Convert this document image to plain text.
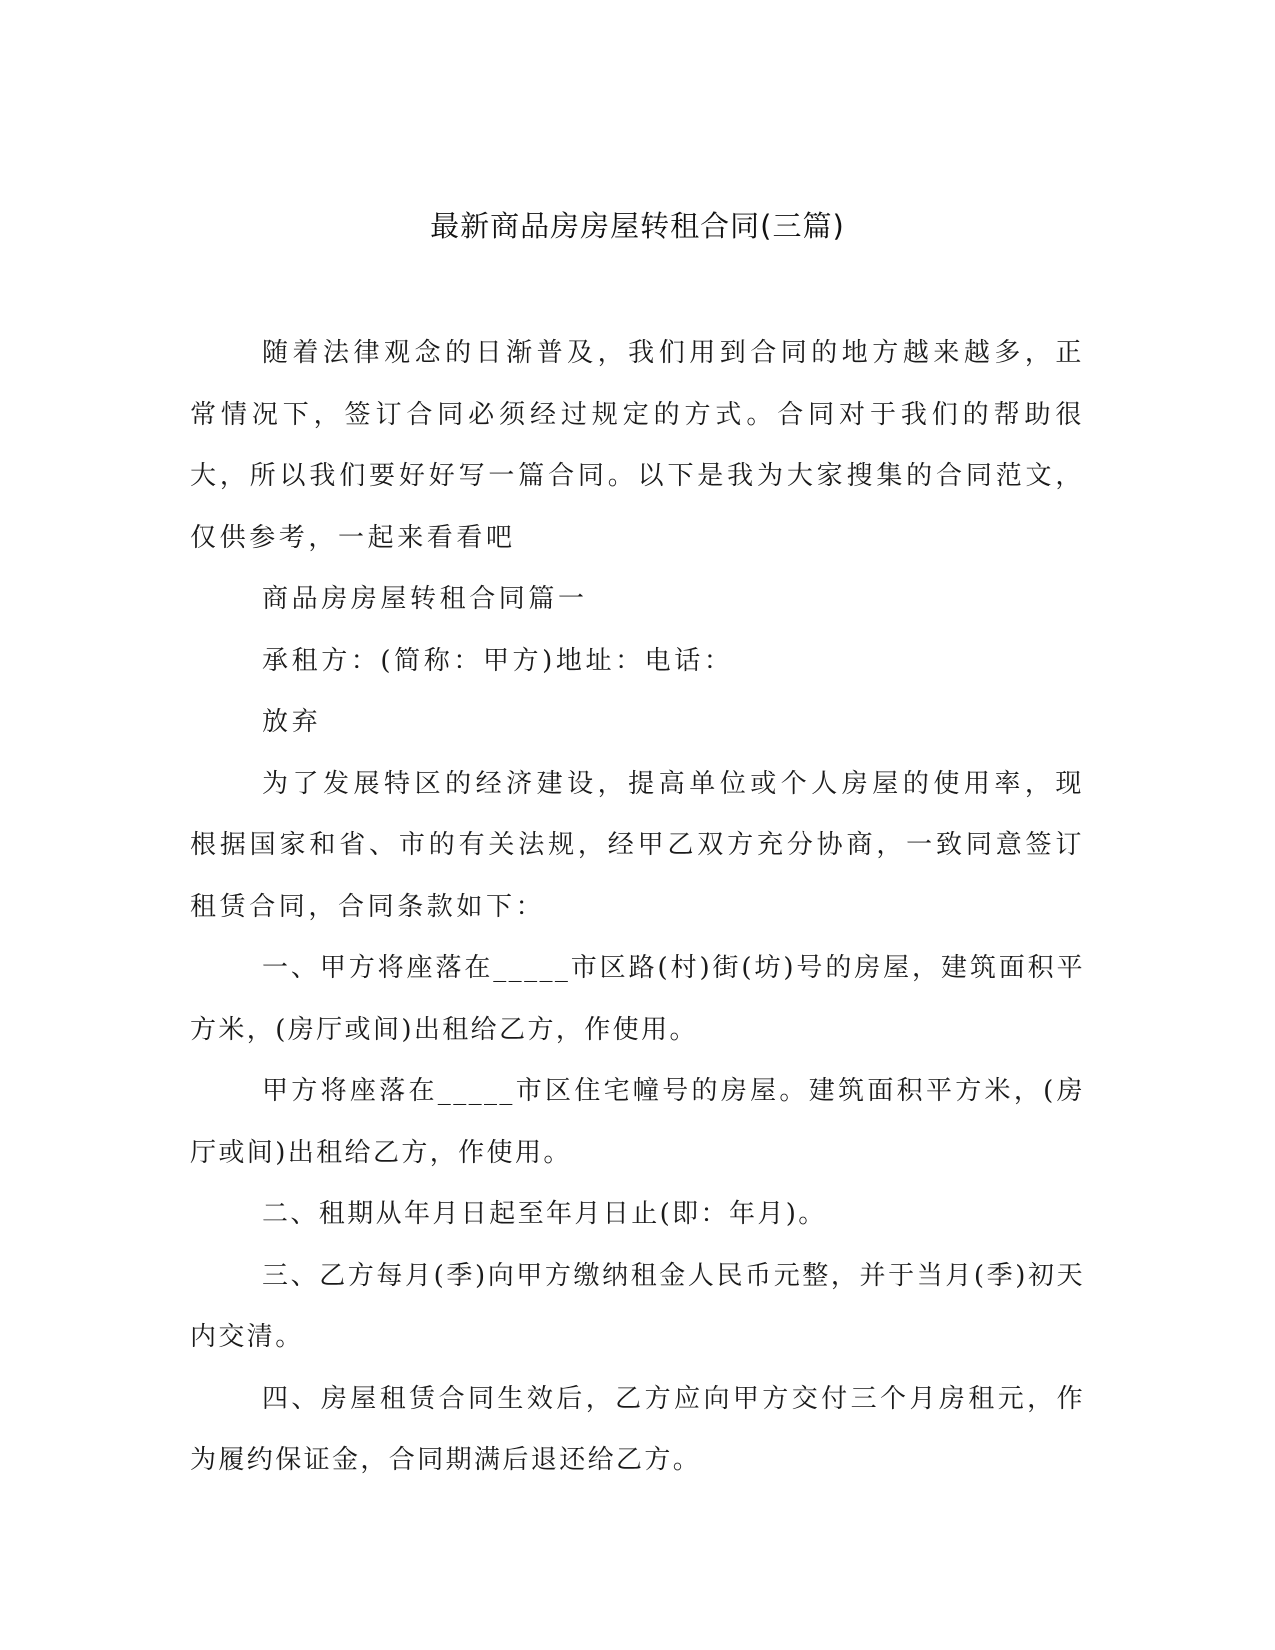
最新商品房房屋转租合同(三篇)

随着法律观念的日渐普及，我们用到合同的地方越来越多，正常情况下，签订合同必须经过规定的方式。合同对于我们的帮助很大，所以我们要好好写一篇合同。以下是我为大家搜集的合同范文，仅供参考，一起来看看吧

商品房房屋转租合同篇一

承租方：(简称：甲方)地址：电话：

放弃

为了发展特区的经济建设，提高单位或个人房屋的使用率，现根据国家和省、市的有关法规，经甲乙双方充分协商，一致同意签订租赁合同，合同条款如下：

一、甲方将座落在_____市区路(村)街(坊)号的房屋，建筑面积平方米，(房厅或间)出租给乙方，作使用。

甲方将座落在_____市区住宅幢号的房屋。建筑面积平方米，(房厅或间)出租给乙方，作使用。

二、租期从年月日起至年月日止(即：年月)。

三、乙方每月(季)向甲方缴纳租金人民币元整，并于当月(季)初天内交清。

四、房屋租赁合同生效后，乙方应向甲方交付三个月房租元，作为履约保证金，合同期满后退还给乙方。
